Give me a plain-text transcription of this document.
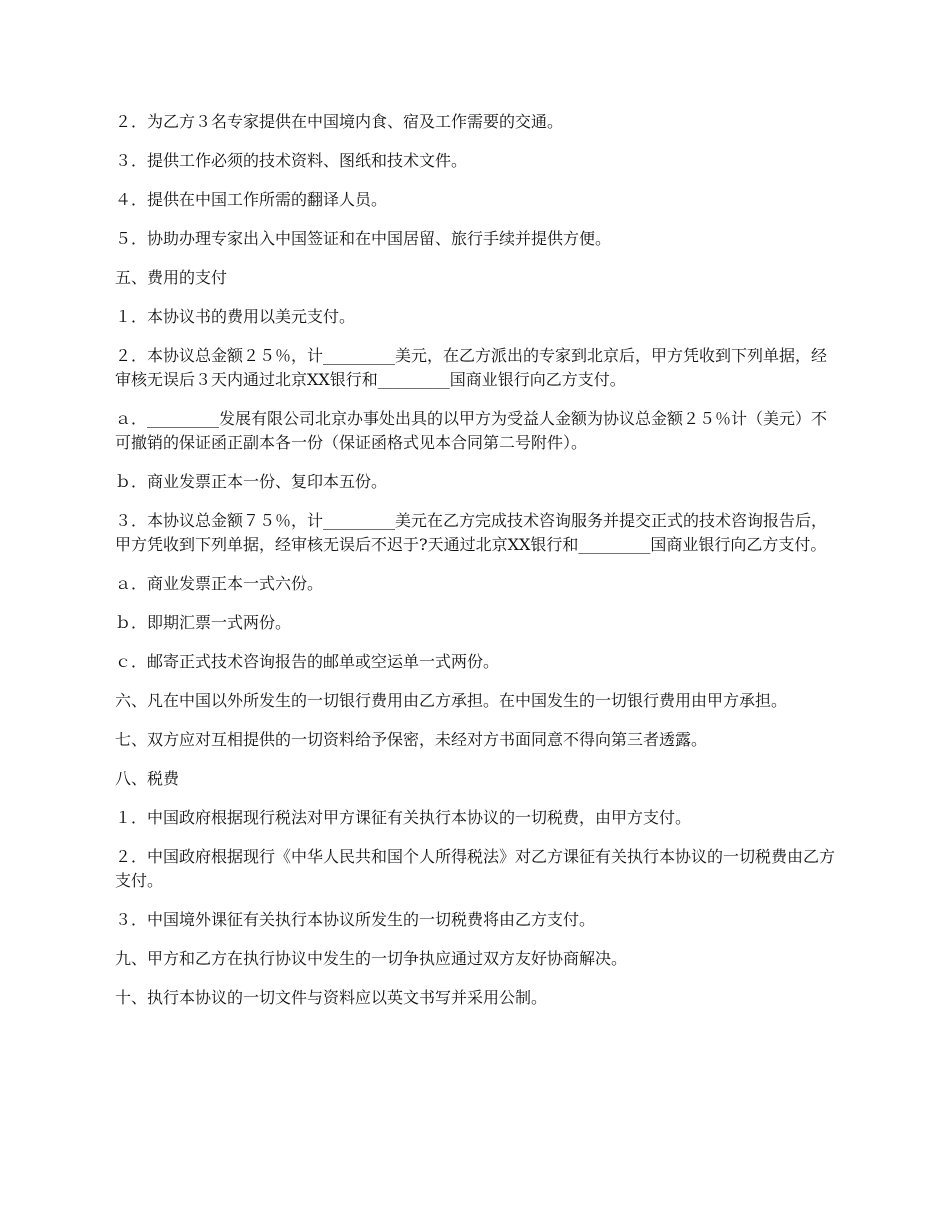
２．为乙方３名专家提供在中国境内食、宿及工作需要的交通。

３．提供工作必须的技术资料、图纸和技术文件。

４．提供在中国工作所需的翻译人员。

５．协助办理专家出入中国签证和在中国居留、旅行手续并提供方便。

五、费用的支付

１．本协议书的费用以美元支付。

２．本协议总金额２５％，计_________美元，在乙方派出的专家到北京后，甲方凭收到下列单据，经审核无误后３天内通过北京XX银行和_________国商业银行向乙方支付。

ａ．_________发展有限公司北京办事处出具的以甲方为受益人金额为协议总金额２５％计（美元）不可撤销的保证函正副本各一份（保证函格式见本合同第二号附件）。

ｂ．商业发票正本一份、复印本五份。

３．本协议总金额７５％，计_________美元在乙方完成技术咨询服务并提交正式的技术咨询报告后，甲方凭收到下列单据，经审核无误后不迟于?天通过北京XX银行和_________国商业银行向乙方支付。

ａ．商业发票正本一式六份。

ｂ．即期汇票一式两份。

ｃ．邮寄正式技术咨询报告的邮单或空运单一式两份。

六、凡在中国以外所发生的一切银行费用由乙方承担。在中国发生的一切银行费用由甲方承担。

七、双方应对互相提供的一切资料给予保密，未经对方书面同意不得向第三者透露。

八、税费

１．中国政府根据现行税法对甲方课征有关执行本协议的一切税费，由甲方支付。

２．中国政府根据现行《中华人民共和国个人所得税法》对乙方课征有关执行本协议的一切税费由乙方支付。

３．中国境外课征有关执行本协议所发生的一切税费将由乙方支付。

九、甲方和乙方在执行协议中发生的一切争执应通过双方友好协商解决。

十、执行本协议的一切文件与资料应以英文书写并采用公制。
